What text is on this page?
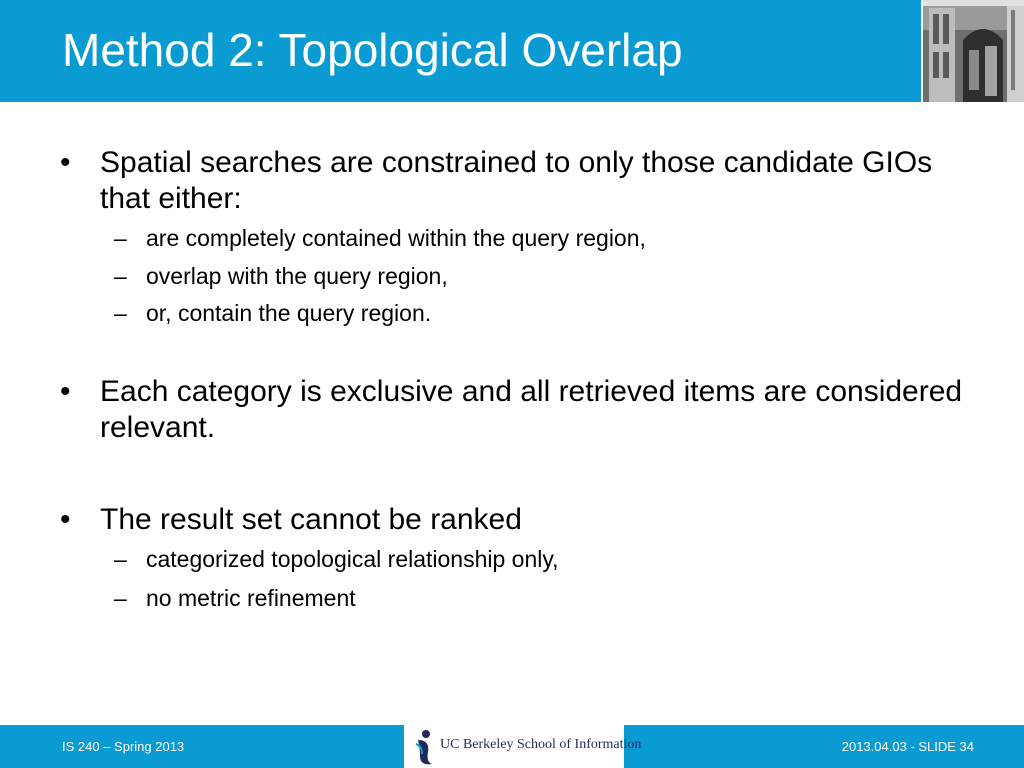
Method 2: Topological Overlap
• Spatial searches are constrained to only those candidate GIOs that either:
– are completely contained within the query region,
– overlap with the query region,
– or, contain the query region.
• Each category is exclusive and all retrieved items are considered relevant.
• The result set cannot be ranked
– categorized topological relationship only,
– no metric refinement
IS 240 – Spring 2013	UC Berkeley School of Information	2013.04.03 - SLIDE 34
